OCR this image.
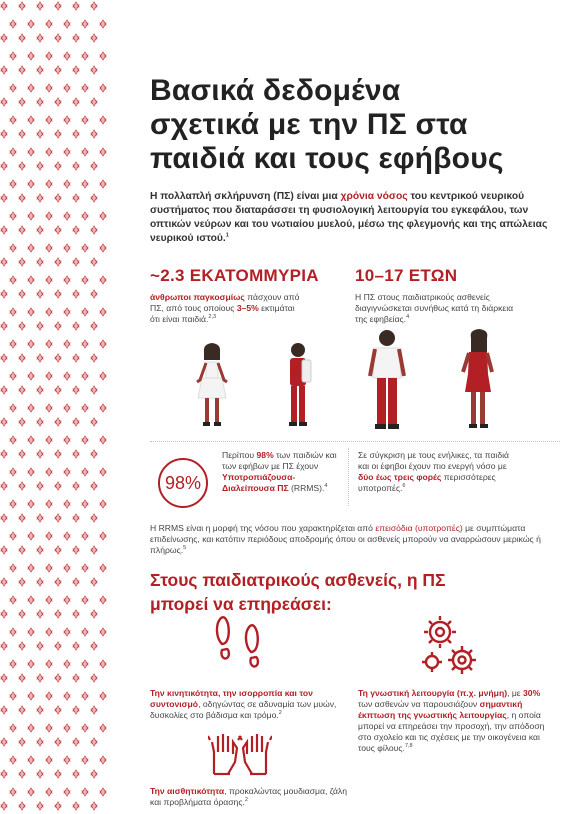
Βασικά δεδομένα
σχετικά με την ΠΣ στα
παιδιά και τους εφήβους
Η πολλαπλή σκλήρυνση (ΠΣ) είναι μια χρόνια νόσος του κεντρικού νευρικού συστήματος που διαταράσσει τη φυσιολογική λειτουργία του εγκεφάλου, των οπτικών νεύρων και του νωτιαίου μυελού, μέσω της φλεγμονής και της απώλειας νευρικού ιστού.$^1$
~2.3 ΕΚΑΤΟΜΜΥΡΙΑ
άνθρωποι παγκοσμίως πάσχουν από ΠΣ, από τους οποίους 3–5% εκτιμάται ότι είναι παιδιά.$^{2,3}$
10–17 ΕΤΩΝ
Η ΠΣ στους παιδιατρικούς ασθενείς διαγιγνώσκεται συνήθως κατά τη διάρκεια της εφηβείας.$^4$
98%
Περίπου 98% των παιδιών και των εφήβων με ΠΣ έχουν Υποτροπιάζουσα-Διαλείπουσα ΠΣ (RRMS).$^4$
Σε σύγκριση με τους ενήλικες, τα παιδιά και οι έφηβοι έχουν πιο ενεργή νόσο με δύο έως τρεις φορές περισσότερες υποτροπές.$^6$
Η RRMS είναι η μορφή της νόσου που χαρακτηρίζεται από επεισόδια (υποτροπές) με συμπτώματα επιδείνωσης, και κατόπιν περιόδους αποδρομής όπου οι ασθενείς μπορούν να αναρρώσουν μερικώς ή πλήρως.$^5$
Στους παιδιατρικούς ασθενείς, η ΠΣ
μπορεί να επηρεάσει:
Την κινητικότητα, την ισορροπία και τον συντονισμό, οδηγώντας σε αδυναμία των μυών, δυσκολίες στο βάδισμα και τρόμο.$^2$
Τη γνωστική λειτουργία (π.χ. μνήμη), με 30% των ασθενών να παρουσιάζουν σημαντική έκπτωση της γνωστικής λειτουργίας, η οποία μπορεί να επηρεάσει την προσοχή, την απόδοση στο σχολείο και τις σχέσεις με την οικογένεια και τους φίλους.$^{7,8}$
Την αισθητικότητα, προκαλώντας μουδιασμα, ζάλη και προβλήματα όρασης.$^2$
